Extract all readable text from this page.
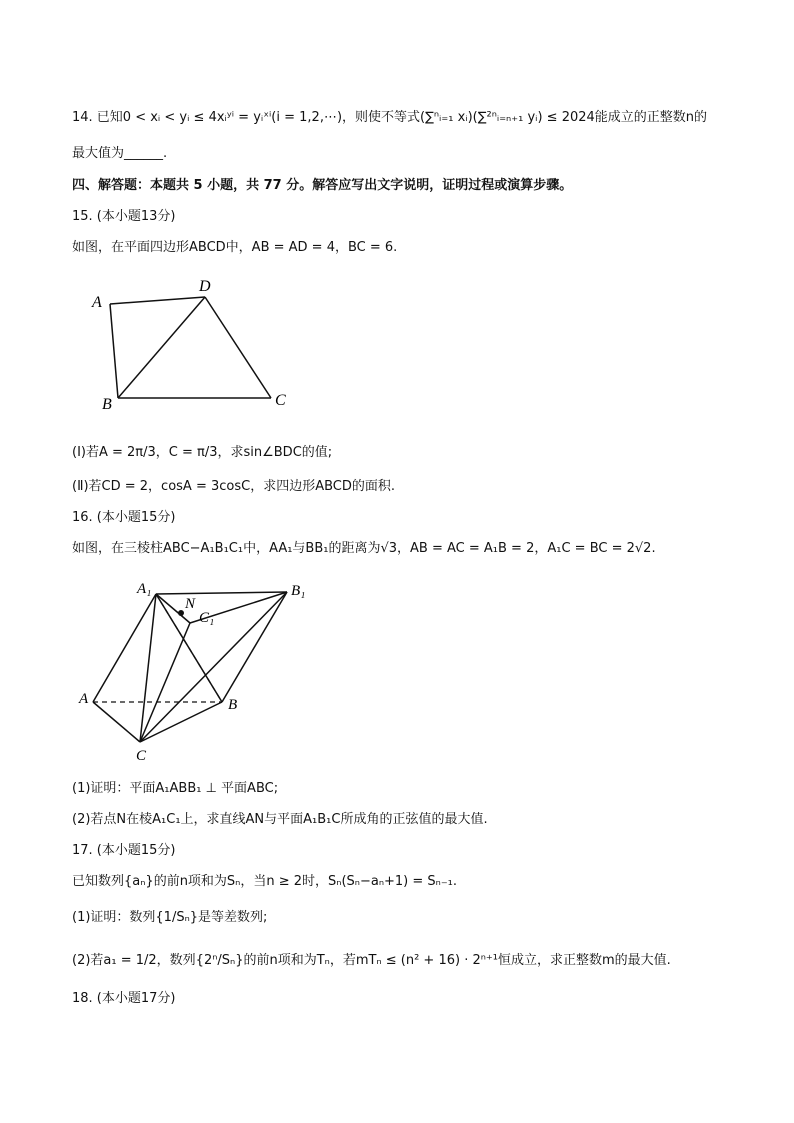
14. 已知0 < xᵢ < yᵢ ≤ 4xᵢʸⁱ = yᵢˣⁱ(i = 1,2,⋯)，则使不等式(∑ⁿᵢ₌₁ xᵢ)(∑²ⁿᵢ₌ₙ₊₁ yᵢ) ≤ 2024能成立的正整数n的
最大值为______.
四、解答题：本题共 5 小题，共 77 分。解答应写出文字说明，证明过程或演算步骤。
15. (本小题13分)
如图，在平面四边形ABCD中，AB = AD = 4，BC = 6.
A
D
B	C
(Ⅰ)若A = 2π/3，C = π/3，求sin∠BDC的值;
(Ⅱ)若CD = 2，cosA = 3cosC，求四边形ABCD的面积.
16. (本小题15分)
如图，在三棱柱ABC−A₁B₁C₁中，AA₁与BB₁的距离为√3，AB = AC = A₁B = 2，A₁C = BC = 2√2.
A₁
N
C₁
B₁
A	B
C
(1)证明：平面A₁ABB₁ ⊥ 平面ABC;
(2)若点N在棱A₁C₁上，求直线AN与平面A₁B₁C所成角的正弦值的最大值.
17. (本小题15分)
已知数列{aₙ}的前n项和为Sₙ，当n ≥ 2时，Sₙ(Sₙ−aₙ+1) = Sₙ₋₁.
(1)证明：数列{1/Sₙ}是等差数列;
(2)若a₁ = 1/2，数列{2ⁿ/Sₙ}的前n项和为Tₙ，若mTₙ ≤ (n² + 16) · 2ⁿ⁺¹恒成立，求正整数m的最大值.
18. (本小题17分)
